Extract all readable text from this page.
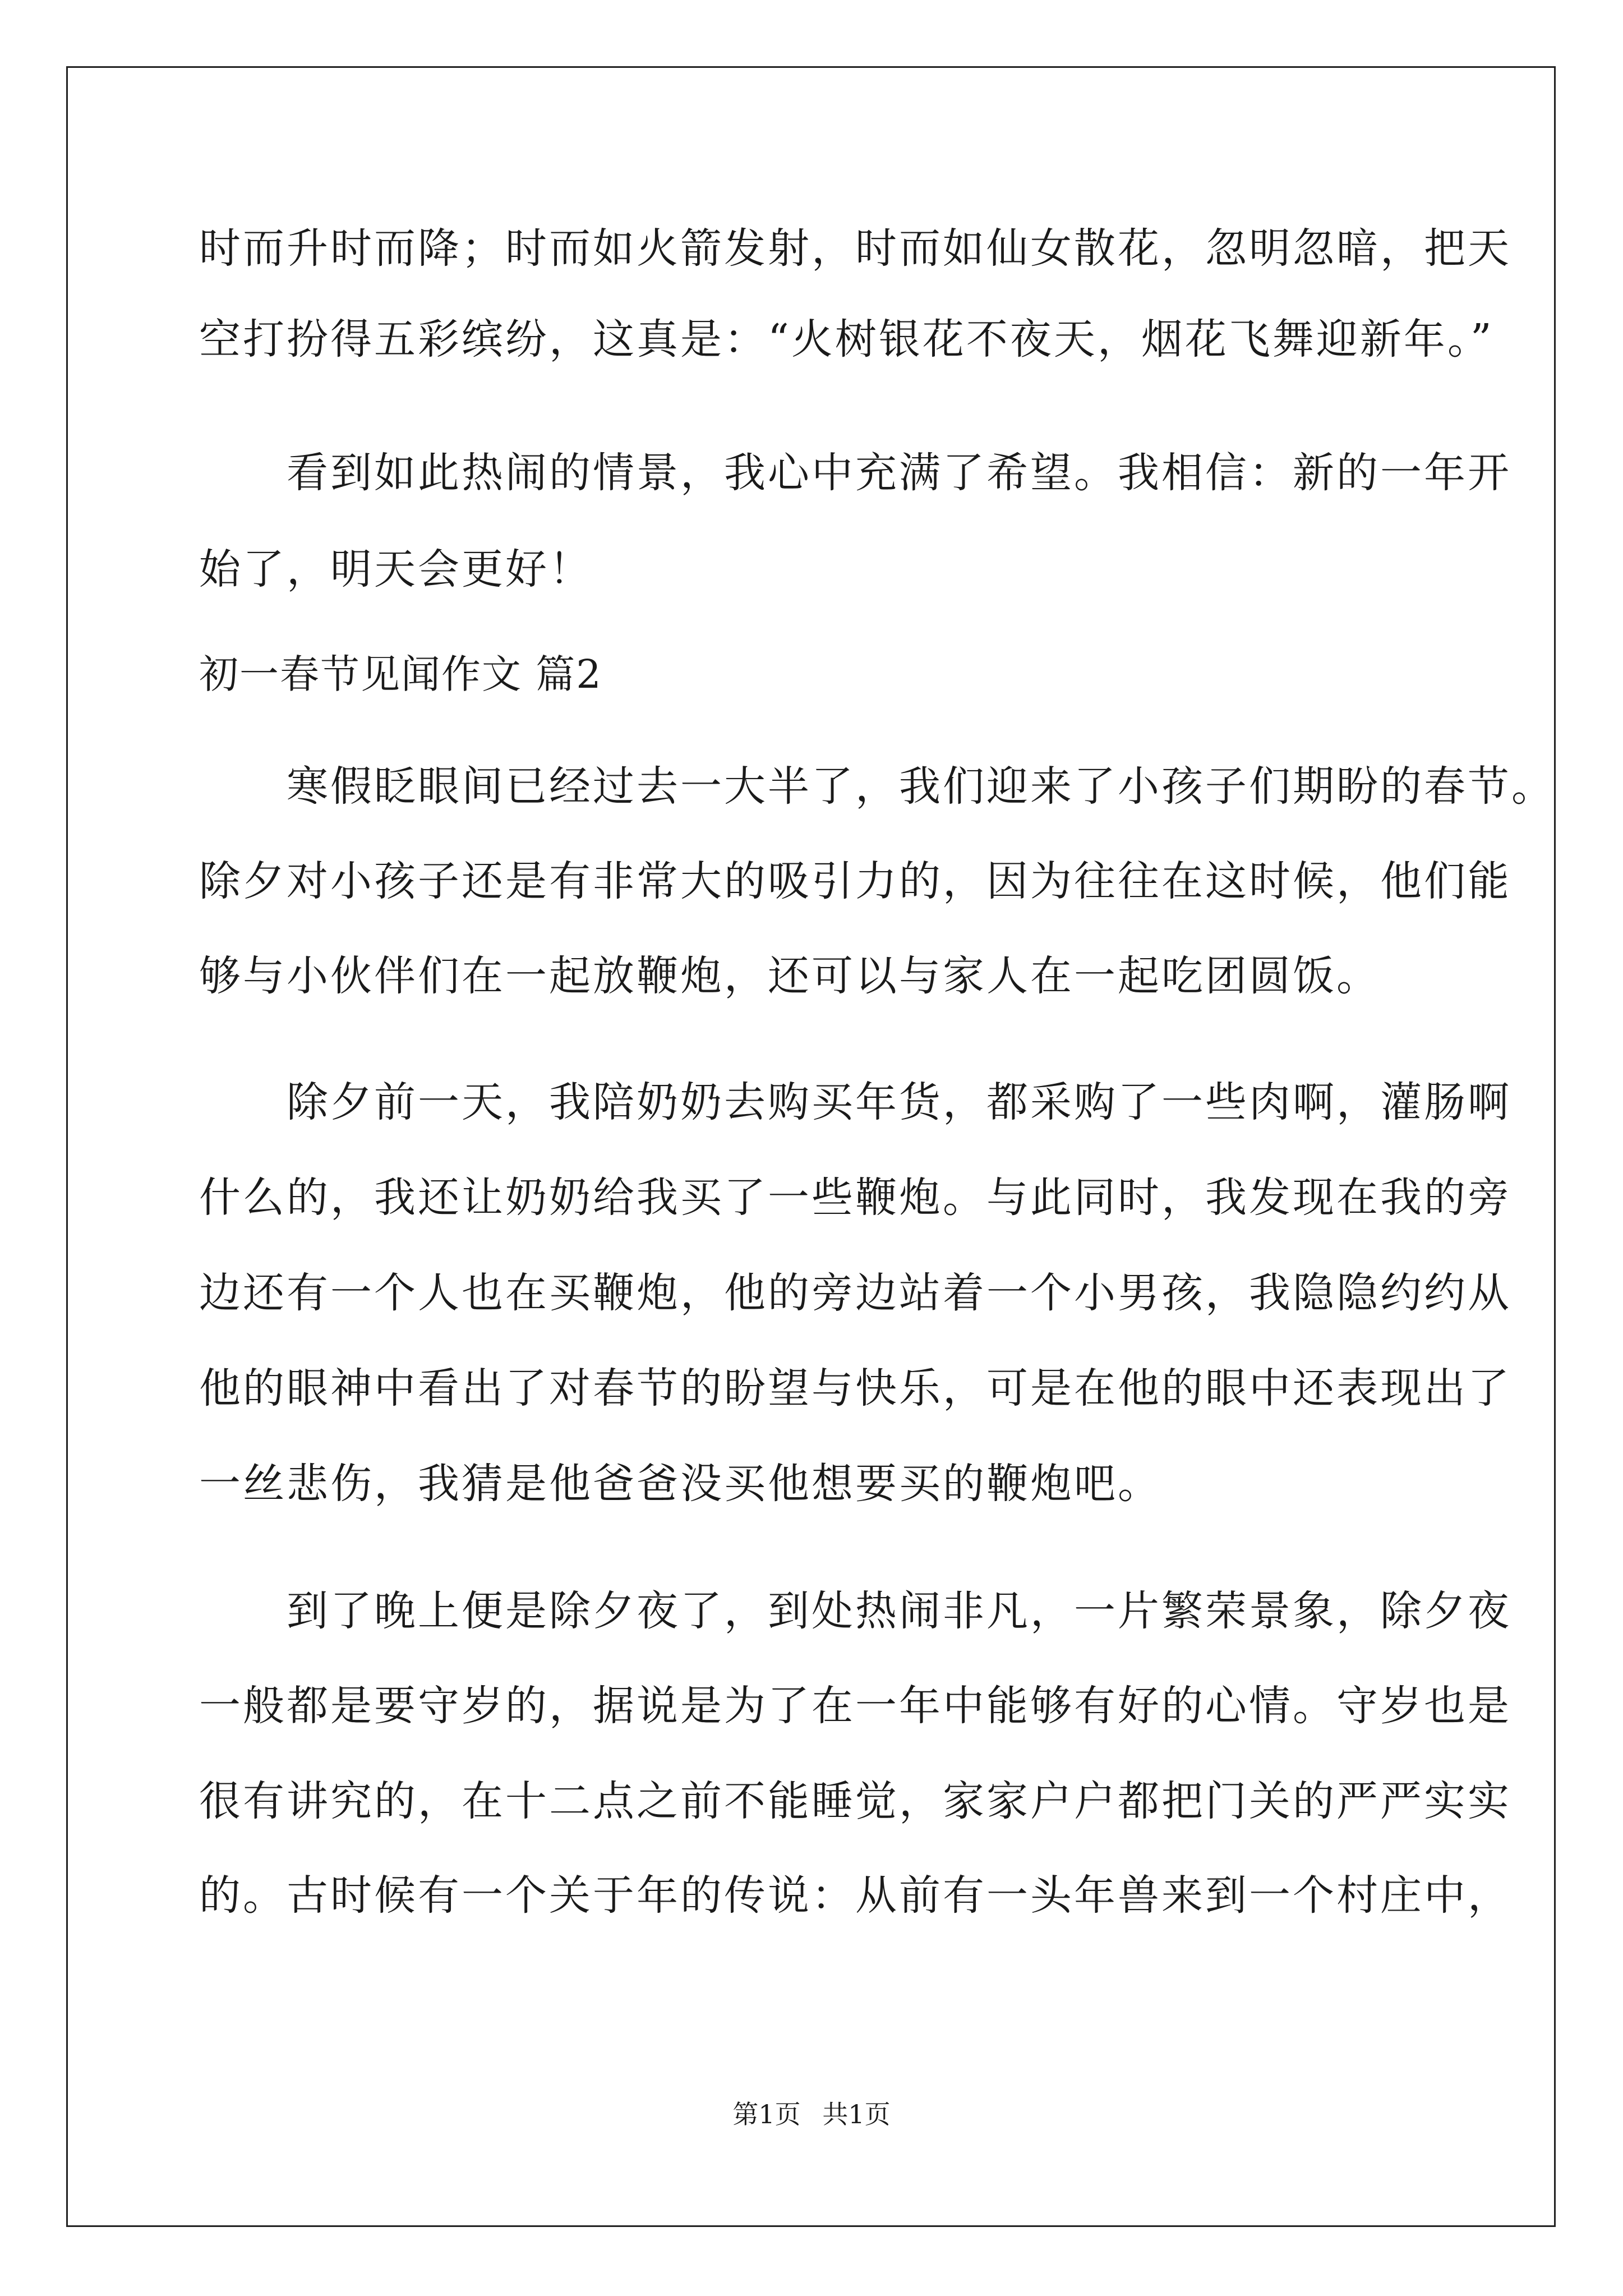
时而升时而降；时而如火箭发射，时而如仙女散花，忽明忽暗，把天
空打扮得五彩缤纷，这真是：“火树银花不夜天，烟花飞舞迎新年。”
　　看到如此热闹的情景，我心中充满了希望。我相信：新的一年开
始了，明天会更好！
初一春节见闻作文 篇2
　　寒假眨眼间已经过去一大半了，我们迎来了小孩子们期盼的春节。
除夕对小孩子还是有非常大的吸引力的，因为往往在这时候，他们能
够与小伙伴们在一起放鞭炮，还可以与家人在一起吃团圆饭。
　　除夕前一天，我陪奶奶去购买年货，都采购了一些肉啊，灌肠啊
什么的，我还让奶奶给我买了一些鞭炮。与此同时，我发现在我的旁
边还有一个人也在买鞭炮，他的旁边站着一个小男孩，我隐隐约约从
他的眼神中看出了对春节的盼望与快乐，可是在他的眼中还表现出了
一丝悲伤，我猜是他爸爸没买他想要买的鞭炮吧。
　　到了晚上便是除夕夜了，到处热闹非凡，一片繁荣景象，除夕夜
一般都是要守岁的，据说是为了在一年中能够有好的心情。守岁也是
很有讲究的，在十二点之前不能睡觉，家家户户都把门关的严严实实
的。古时候有一个关于年的传说：从前有一头年兽来到一个村庄中，
第1页 共1页
